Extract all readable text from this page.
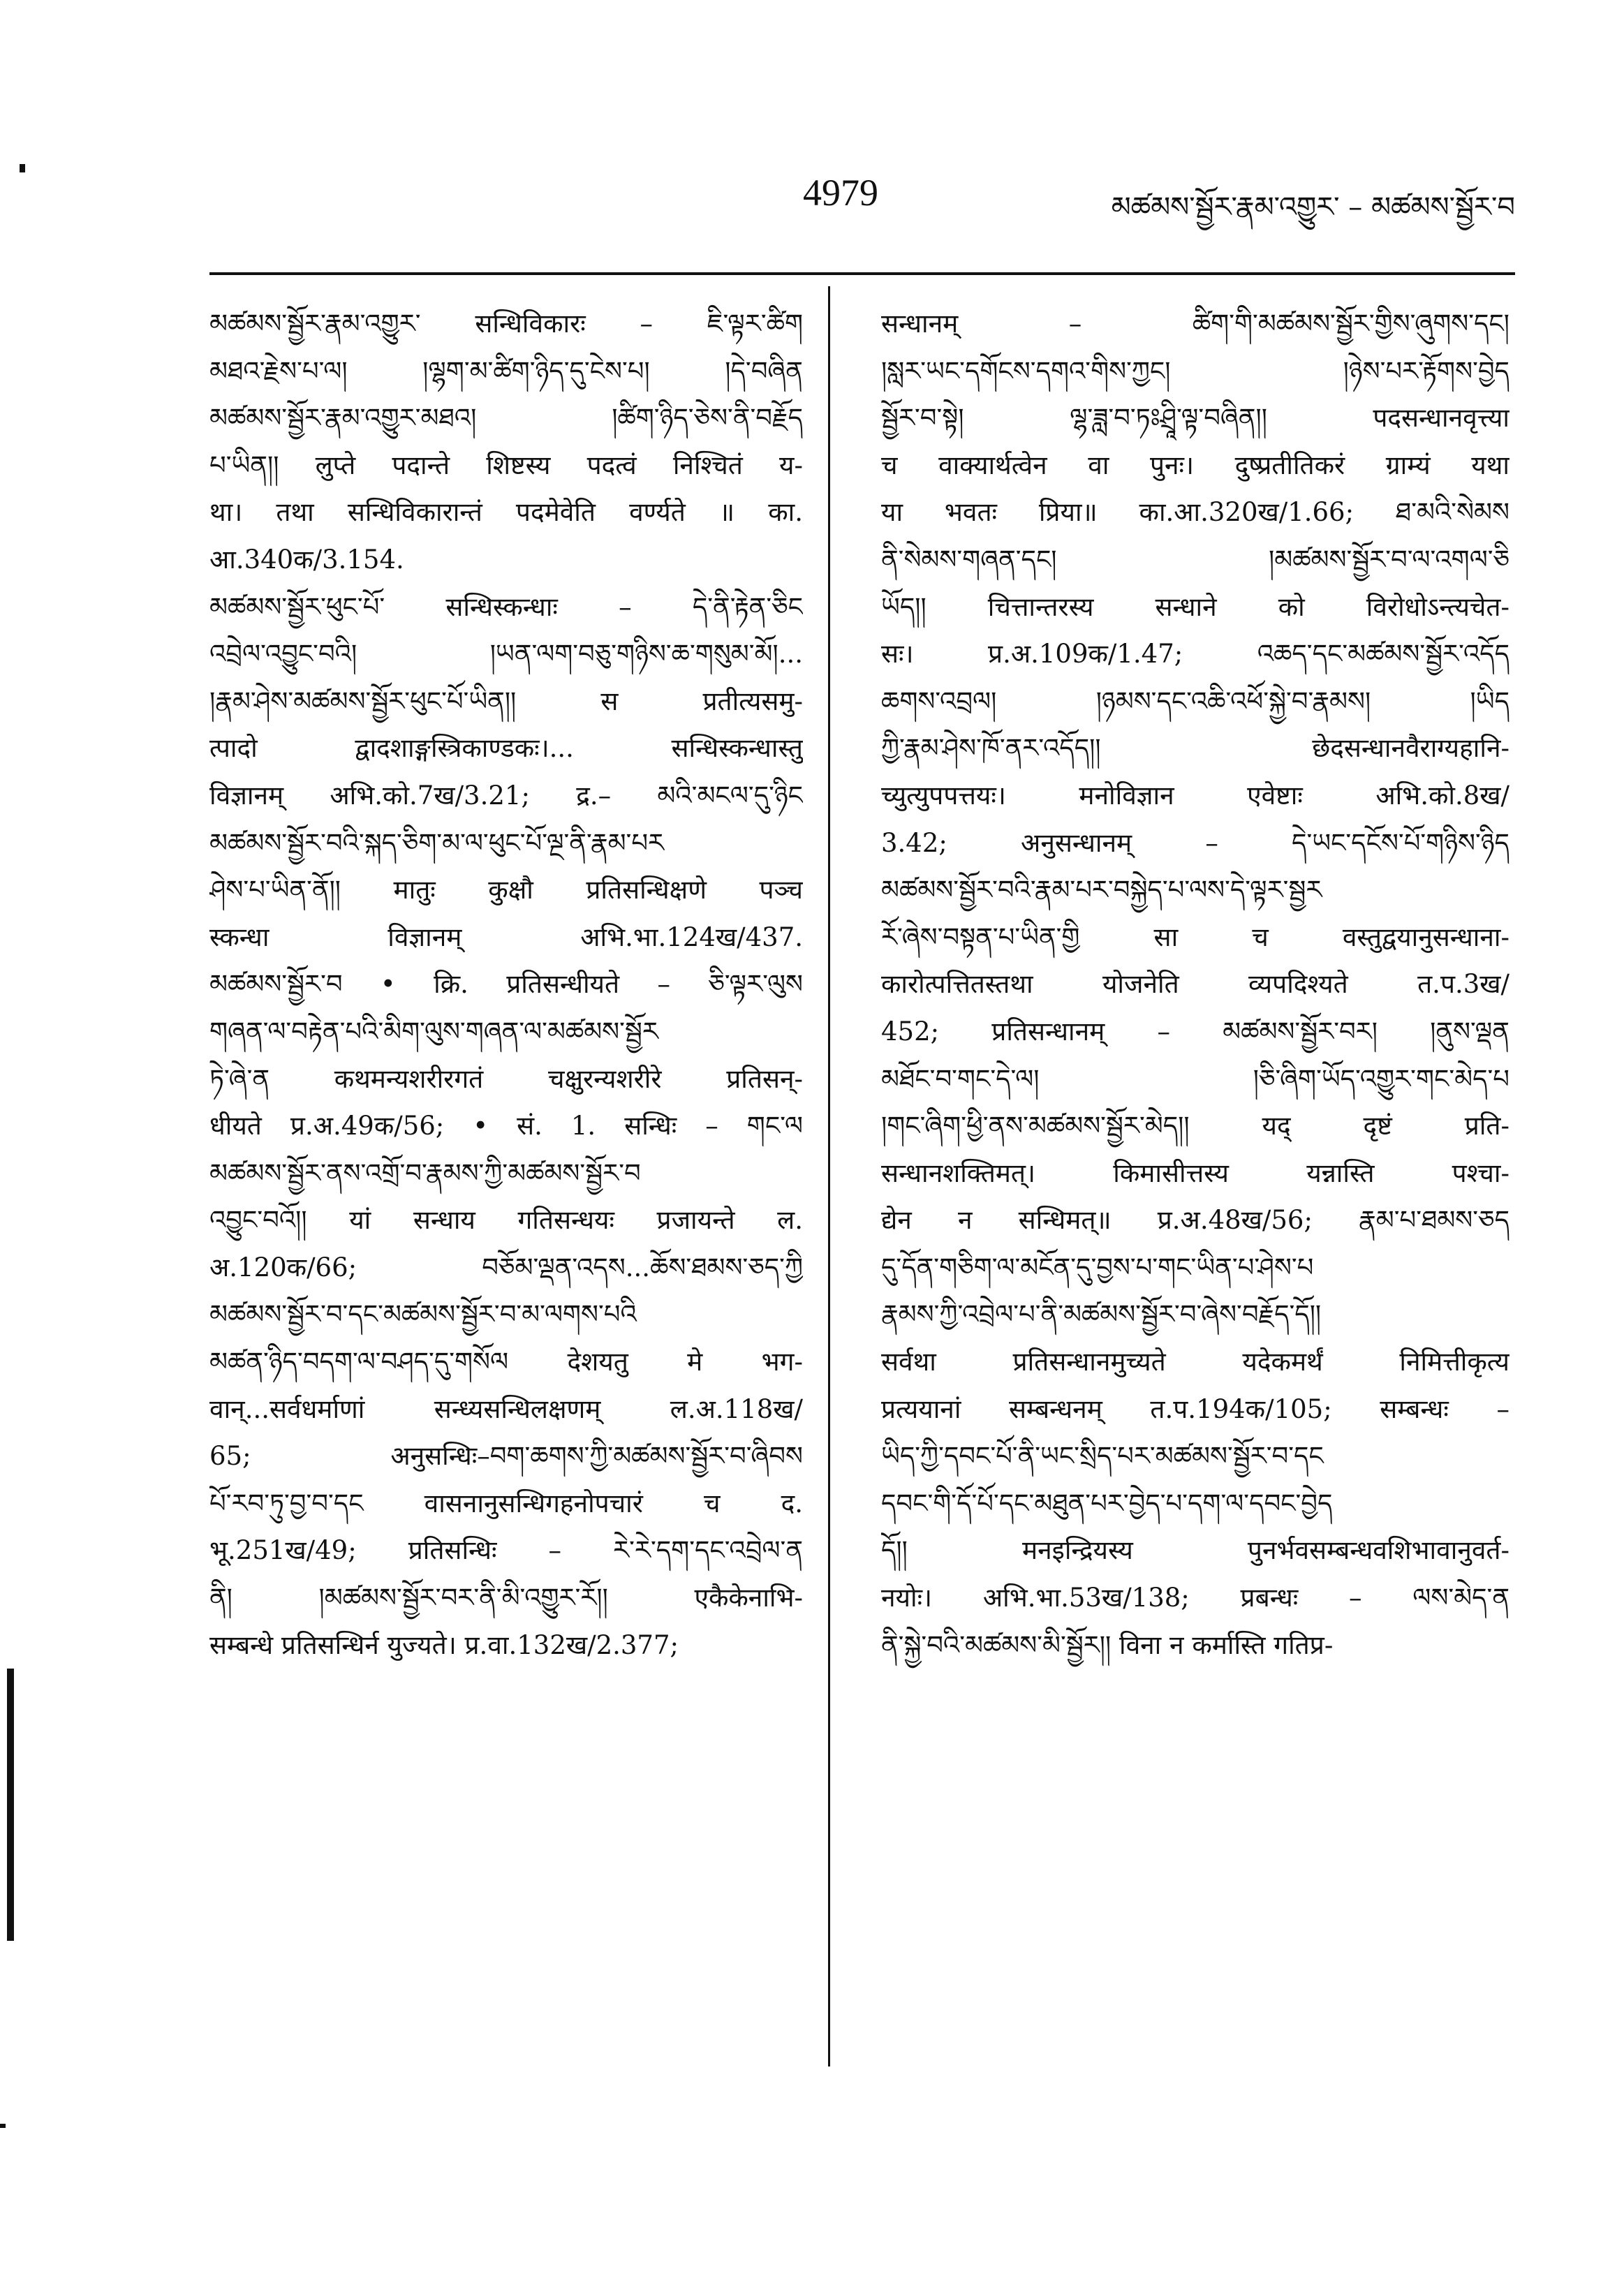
4979	མཚམས་སྦྱོར་རྣམ་འགྱུར་ – མཚམས་སྦྱོར་བ
མཚམས་སྦྱོར་རྣམ་འགྱུར་ सन्धिविकारः – ཇི་ལྟར་ཚིག
མཐའ་རྗེས་པ་ལ། །ལྷག་མ་ཚིག་ཉིད་དུ་ངེས་པ། །དེ་བཞིན
མཚམས་སྦྱོར་རྣམ་འགྱུར་མཐའ། །ཚིག་ཉིད་ཅེས་ནི་བརྗོད
པ་ཡིན།། लुप्ते पदान्ते शिष्टस्य पदत्वं निश्चितं य-
था। तथा सन्धिविकारान्तं पदमेवेति वर्ण्यते ॥ का.
आ.340क/3.154.
མཚམས་སྦྱོར་ཕུང་པོ་ सन्धिस्कन्धाः – དེ་ནི་རྟེན་ཅིང
འབྲེལ་འབྱུང་བའི། །ཡན་ལག་བཅུ་གཉིས་ཆ་གསུམ་མོ།...
།རྣམ་ཤེས་མཚམས་སྦྱོར་ཕུང་པོ་ཡིན།། स प्रतीत्यसमु-
त्पादो द्वादशाङ्गस्त्रिकाण्डकः।... सन्धिस्कन्धास्तु
विज्ञानम् अभि.को.7ख/3.21; द्र.– མའི་མངལ་དུ་ཉིང
མཚམས་སྦྱོར་བའི་སྐད་ཅིག་མ་ལ་ཕུང་པོ་ལྔ་ནི་རྣམ་པར
ཤེས་པ་ཡིན་ནོ།། मातुः कुक्षौ प्रतिसन्धिक्षणे पञ्च
स्कन्धा विज्ञानम् अभि.भा.124ख/437.
མཚམས་སྦྱོར་བ • क्रि. प्रतिसन्धीयते – ཅི་ལྟར་ལུས
གཞན་ལ་བརྟེན་པའི་མིག་ལུས་གཞན་ལ་མཚམས་སྦྱོར
ཏེ་ཞེ་ན कथमन्यशरीरगतं चक्षुरन्यशरीरे प्रतिसन्-
धीयते प्र.अ.49क/56; • सं. 1. सन्धिः – གང་ལ
མཚམས་སྦྱོར་ནས་འགྲོ་བ་རྣམས་ཀྱི་མཚམས་སྦྱོར་བ
འབྱུང་བའོ།། यां सन्धाय गतिसन्धयः प्रजायन्ते ल.
अ.120क/66; བཅོམ་ལྡན་འདས...ཆོས་ཐམས་ཅད་ཀྱི
མཚམས་སྦྱོར་བ་དང་མཚམས་སྦྱོར་བ་མ་ལགས་པའི
མཚན་ཉིད་བདག་ལ་བཤད་དུ་གསོལ देशयतु मे भग-
वान्...सर्वधर्माणां सन्ध्यसन्धिलक्षणम् ल.अ.118ख/
65; अनुसन्धिः–བག་ཆགས་ཀྱི་མཚམས་སྦྱོར་བ་ཞིབས
པོ་རབ་ཏུ་བྱ་བ་དང वासनानुसन्धिगहनोपचारं च द.
भू.251ख/49; प्रतिसन्धिः – རེ་རེ་དག་དང་འབྲེལ་ན
ནི། །མཚམས་སྦྱོར་བར་ནི་མི་འགྱུར་རོ།། एकैकेनाभि-
सम्बन्धे प्रतिसन्धिर्न युज्यते। प्र.वा.132ख/2.377;
सन्धानम् – ཚིག་གི་མཚམས་སྦྱོར་གྱིས་ཞུགས་དང།
།སླར་ཡང་དགོངས་དགའ་གིས་ཀྱང། །ཉེས་པར་རྟོགས་བྱེད
སྦྱོར་བ་སྟེ། ལྷ་ཟླ་བ་ཏཿཤྲཱི་ལྟ་བཞིན།། पदसन्धानवृत्त्या
च वाक्यार्थत्वेन वा पुनः। दुष्प्रतीतिकरं ग्राम्यं यथा
या भवतः प्रिया॥ का.आ.320ख/1.66; ཐ་མའི་སེམས
ནི་སེམས་གཞན་དང། །མཚམས་སྦྱོར་བ་ལ་འགལ་ཅི
ཡོད།། चित्तान्तरस्य सन्धाने को विरोधोऽन्त्यचेत-
सः। प्र.अ.109क/1.47; འཆད་དང་མཚམས་སྦྱོར་འདོད
ཆགས་འབྲལ། །ཉམས་དང་འཆི་འཕོ་སྐྱེ་བ་རྣམས། །ཡིད
ཀྱི་རྣམ་ཤེས་ཁོ་ནར་འདོད།། छेदसन्धानवैराग्यहानि-
च्युत्युपपत्तयः। मनोविज्ञान एवेष्टाः अभि.को.8ख/
3.42; अनुसन्धानम् – དེ་ཡང་དངོས་པོ་གཉིས་ཉིད
མཚམས་སྦྱོར་བའི་རྣམ་པར་བསྐྱེད་པ་ལས་དེ་ལྟར་སྦྱར
རོ་ཞེས་བསྟན་པ་ཡིན་གྱི सा च वस्तुद्वयानुसन्धाना-
कारोत्पत्तितस्तथा योजनेति व्यपदिश्यते त.प.3ख/
452; प्रतिसन्धानम् – མཚམས་སྦྱོར་བར། །ནུས་ལྡན
མཐོང་བ་གང་དེ་ལ། །ཅི་ཞིག་ཡོད་འགྱུར་གང་མེད་པ
།གང་ཞིག་ཕྱི་ནས་མཚམས་སྦྱོར་མེད།། यद् दृष्टं प्रति-
सन्धानशक्तिमत्। किमासीत्तस्य यन्नास्ति पश्चा-
द्येन न सन्धिमत्॥ प्र.अ.48ख/56; རྣམ་པ་ཐམས་ཅད
དུ་དོན་གཅིག་ལ་མངོན་དུ་བྱས་པ་གང་ཡིན་པ་ཤེས་པ
རྣམས་ཀྱི་འབྲེལ་པ་ནི་མཚམས་སྦྱོར་བ་ཞེས་བརྗོད་དོ།།
सर्वथा प्रतिसन्धानमुच्यते यदेकमर्थं निमित्तीकृत्य
प्रत्ययानां सम्बन्धनम् त.प.194क/105; सम्बन्धः –
ཡིད་ཀྱི་དབང་པོ་ནི་ཡང་སྲིད་པར་མཚམས་སྦྱོར་བ་དང
དབང་གི་དོ་པོ་དང་མཐུན་པར་བྱེད་པ་དག་ལ་དབང་བྱེད
དོ།། मनइन्द्रियस्य पुनर्भवसम्बन्धवशिभावानुवर्त-
नयोः। अभि.भा.53ख/138; प्रबन्धः – ལས་མེད་ན
ནི་སྐྱེ་བའི་མཚམས་མི་སྦྱོར།། विना न कर्मास्ति गतिप्र-
